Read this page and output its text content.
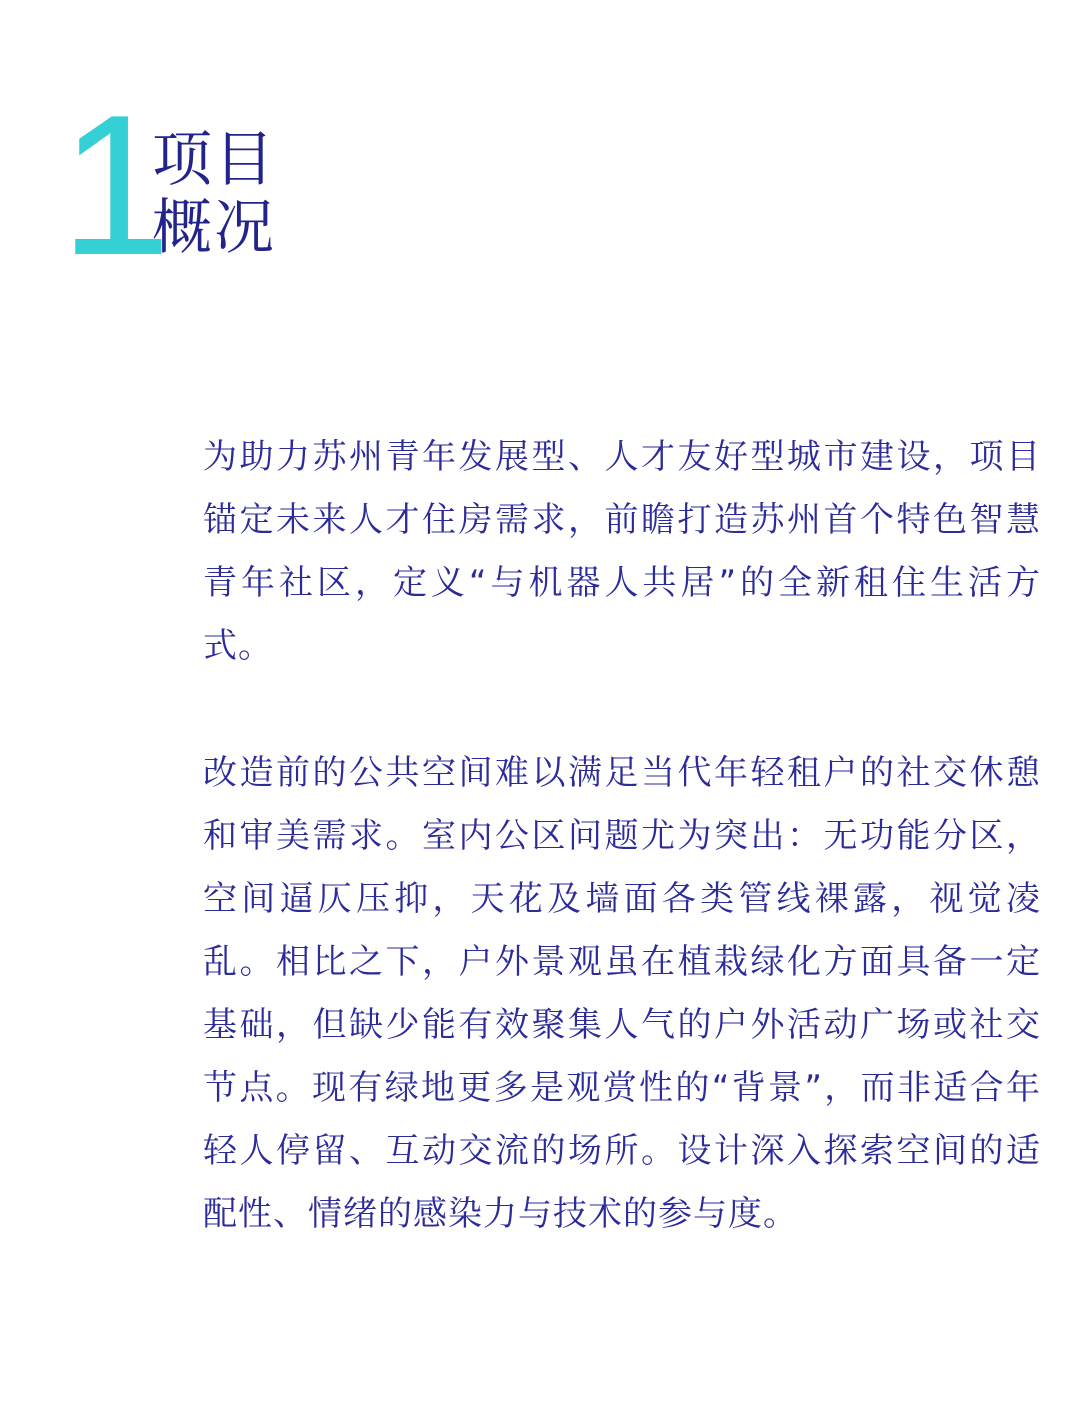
1
项目
概况

为助力苏州青年发展型、人才友好型城市建设，项目锚定未来人才住房需求，前瞻打造苏州首个特色智慧青年社区，定义“与机器人共居”的全新租住生活方式。

改造前的公共空间难以满足当代年轻租户的社交休憩和审美需求。室内公区问题尤为突出：无功能分区，空间逼仄压抑，天花及墙面各类管线裸露，视觉凌乱。相比之下，户外景观虽在植栽绿化方面具备一定基础，但缺少能有效聚集人气的户外活动广场或社交节点。现有绿地更多是观赏性的“背景”，而非适合年轻人停留、互动交流的场所。设计深入探索空间的适配性、情绪的感染力与技术的参与度。
